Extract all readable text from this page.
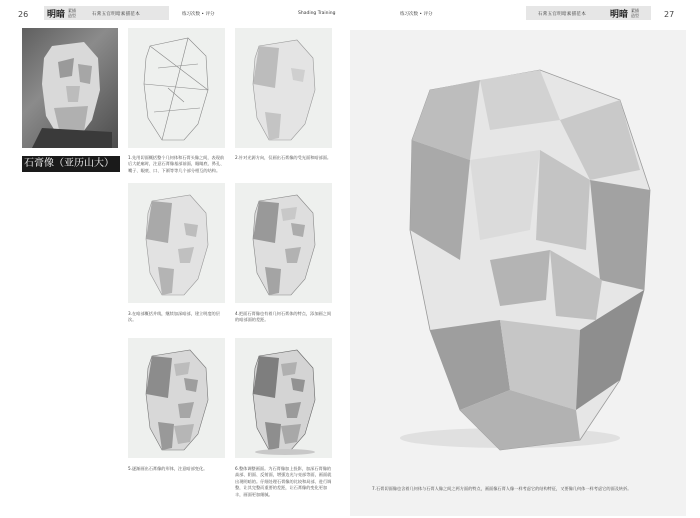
26 明暗 素描
造型	石膏五官明暗素描范本	练习次数 • 评分	Shading Training	练习次数 • 评分	石膏五官明暗素描范本	明暗 素描
造型	27
石膏像（亚历山大）
1.先用切面概括整个几何体和石膏头像之间，表现前后大轮廓时，注意石膏像基部前面，眼睛底、鼻孔、嘴子、眼底、口、下颌等等几个部分相互的结构。
2.针对光源方向，仅画出石膏像的受光面和暗部面。
3.在暗部概括并线，继续加深暗部，建立明度的层次。
4.把面石膏像也有着几何石膏体的特点，添加画之间的暗部面的差距。
5.逐渐画出石膏像的形体，注意暗部变化。	6.整体调整画面。为石膏像加上投影，加深石膏像的高部、阴面、反射面，增强边光与亮部等面，画面就出现明暗的。仔细处理石膏像的比较和局部、进行调整，让其完整而重要的差距，让石膏像的变化更加丰，画面更加细腻。
7.石膏切面像也含着几何体与石膏人像之间之两方面的特点，画面像石膏人像一样考虑它的结构特征，又要像几何体一样考虑它的面及转折。
